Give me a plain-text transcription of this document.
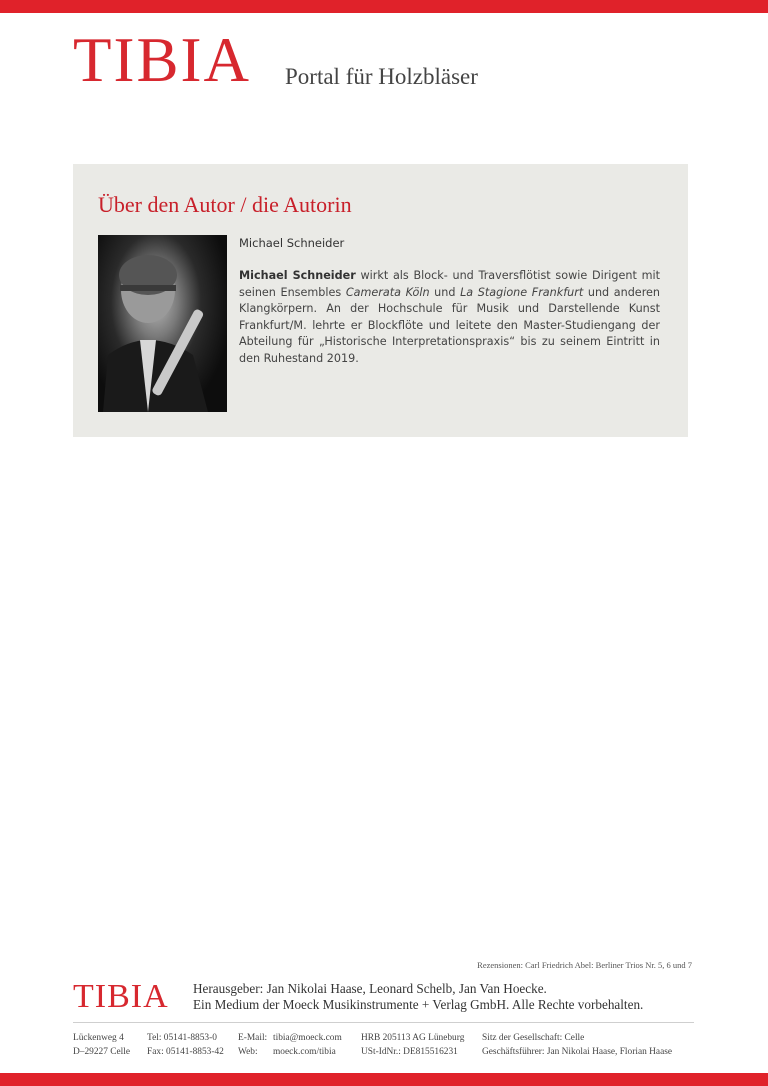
TIBIA Portal für Holzbläser
Über den Autor / die Autorin
Michael Schneider

Michael Schneider wirkt als Block- und Traversflötist sowie Dirigent mit seinen Ensembles Camerata Köln und La Stagione Frankfurt und anderen Klangkörpern. An der Hochschule für Musik und Darstellende Kunst Frankfurt/M. lehrte er Blockflöte und leitete den Master-Studiengang der Abteilung für „Historische Interpretationspraxis“ bis zu seinem Eintritt in den Ruhestand 2019.

Rezensionen: Carl Friedrich Abel: Berliner Trios Nr. 5, 6 und 7
TIBIA Herausgeber: Jan Nikolai Haase, Leonard Schelb, Jan Van Hoecke.
Ein Medium der Moeck Musikinstrumente + Verlag GmbH. Alle Rechte vorbehalten.
Lückenweg 4
D–29227 Celle
Tel: 05141-8853-0
Fax: 05141-8853-42
E-Mail:
Web:
tibia@moeck.com
moeck.com/tibia
HRB 205113 AG Lüneburg
USt-IdNr.: DE815516231
Sitz der Gesellschaft: Celle
Geschäftsführer: Jan Nikolai Haase, Florian Haase
